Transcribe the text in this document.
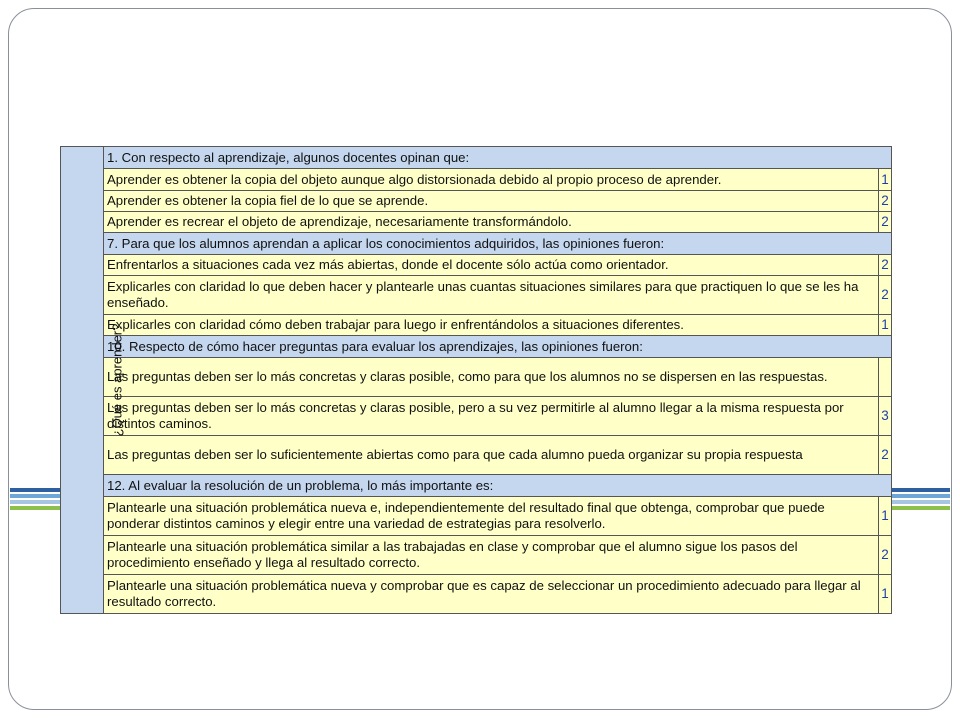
¿Qué es aprender?	1. Con respecto al aprendizaje, algunos docentes opinan que:	
	Aprender es obtener la copia del objeto aunque algo distorsionada debido al propio proceso de aprender.	1
	Aprender es obtener la copia fiel de lo que se aprende.	2
	Aprender es recrear el objeto de aprendizaje, necesariamente transformándolo.	2
	7. Para que los alumnos aprendan a aplicar los conocimientos adquiridos, las opiniones fueron:	
	Enfrentarlos a situaciones cada vez más abiertas, donde el docente sólo actúa como orientador.	2
	Explicarles con claridad lo que deben hacer y plantearle unas cuantas situaciones similares para que practiquen lo que se les ha enseñado.	2
	Explicarles con claridad cómo deben trabajar para luego ir enfrentándolos a situaciones diferentes.	1
	10. Respecto de cómo hacer preguntas para evaluar los aprendizajes, las opiniones fueron:	
	Las preguntas deben ser lo más concretas y claras posible, como para que los alumnos no se dispersen en las respuestas.	
	Las preguntas deben ser lo más concretas y claras posible, pero a su vez permitirle al alumno llegar a la misma respuesta por distintos caminos.	3
	Las preguntas deben ser lo suficientemente abiertas como para que cada alumno pueda organizar su propia respuesta	2
	12. Al evaluar la resolución de un problema, lo más importante es:	
	Plantearle una situación problemática nueva e, independientemente del resultado final que obtenga, comprobar que puede ponderar distintos caminos y elegir entre una variedad de estrategias para resolverlo.	1
	Plantearle una situación problemática similar a las trabajadas en clase y comprobar que el alumno sigue los pasos del procedimiento enseñado y llega al resultado correcto.	2
	Plantearle una situación problemática nueva y comprobar que es capaz de seleccionar un procedimiento adecuado para llegar al resultado correcto.	1
